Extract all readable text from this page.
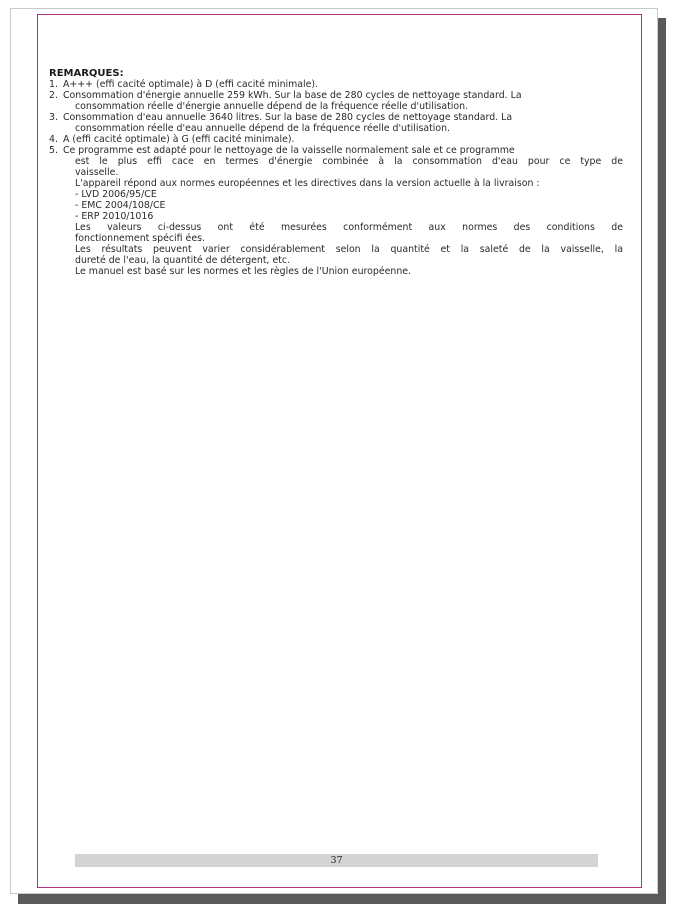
REMARQUES:
1. A+++ (effi cacité optimale) à D (effi cacité minimale).

2. Consommation d'énergie annuelle 259 kWh. Sur la base de 280 cycles de nettoyage standard. La

consommation réelle d'énergie annuelle dépend de la fréquence réelle d'utilisation.

3. Consommation d'eau annuelle 3640 litres. Sur la base de 280 cycles de nettoyage standard. La

consommation réelle d'eau annuelle dépend de la fréquence réelle d'utilisation.

4. A (effi cacité optimale) à G (effi cacité minimale).

5. Ce programme est adapté pour le nettoyage de la vaisselle normalement sale et ce programme

est le plus effi cace en termes d'énergie combinée à la consommation d'eau pour ce type de

vaisselle.

L'appareil répond aux normes européennes et les directives dans la version actuelle à la livraison :

- LVD 2006/95/CE

- EMC 2004/108/CE

- ERP 2010/1016

Les valeurs ci-dessus ont été mesurées conformément aux normes des conditions de

fonctionnement spécifi ées.

Les résultats peuvent varier considérablement selon la quantité et la saleté de la vaisselle, la

dureté de l'eau, la quantité de détergent, etc.

Le manuel est basé sur les normes et les règles de l'Union européenne.

37
